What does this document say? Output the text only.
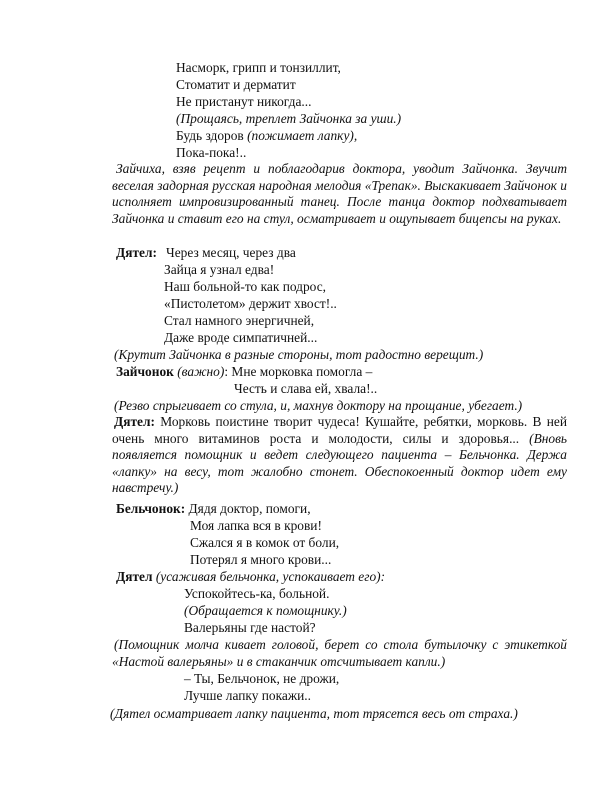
Насморк, грипп и тонзиллит,
Стоматит и дерматит
Не пристанут никогда...
(Прощаясь, треплет Зайчонка за уши.)
Будь здоров (пожимает лапку),
Пока-пока!..

Зайчиха, взяв рецепт и поблагодарив доктора, уводит Зайчонка. Звучит веселая задорная русская народная мелодия «Трепак». Выскакивает Зайчонок и исполняет импровизированный танец. После танца доктор подхватывает Зайчонка и ставит его на стул, осматривает и ощупывает бицепсы на руках.

Дятел: Через месяц, через два
Зайца я узнал едва!
Наш больной-то как подрос,
«Пистолетом» держит хвост!..
Стал намного энергичней,
Даже вроде симпатичней...
(Крутит Зайчонка в разные стороны, тот радостно верещит.)
Зайчонок (важно): Мне морковка помогла –
Честь и слава ей, хвала!..
(Резво спрыгивает со стула, и, махнув доктору на прощание, убегает.)

Дятел: Морковь поистине творит чудеса! Кушайте, ребятки, морковь. В ней очень много витаминов роста и молодости, силы и здоровья... (Вновь появляется помощник и ведет следующего пациента – Бельчонка. Держа «лапку» на весу, тот жалобно стонет. Обеспокоенный доктор идет ему навстречу.)

Бельчонок: Дядя доктор, помоги,
Моя лапка вся в крови!
Сжался я в комок от боли,
Потерял я много крови...
Дятел (усаживая бельчонка, успокаивает его):
Успокойтесь-ка, больной.
(Обращается к помощнику.)
Валерьяны где настой?

(Помощник молча кивает головой, берет со стола бутылочку с этикеткой «Настой валерьяны» и в стаканчик отсчитывает капли.)

– Ты, Бельчонок, не дрожи,
Лучше лапку покажи..
(Дятел осматривает лапку пациента, тот трясется весь от страха.)
